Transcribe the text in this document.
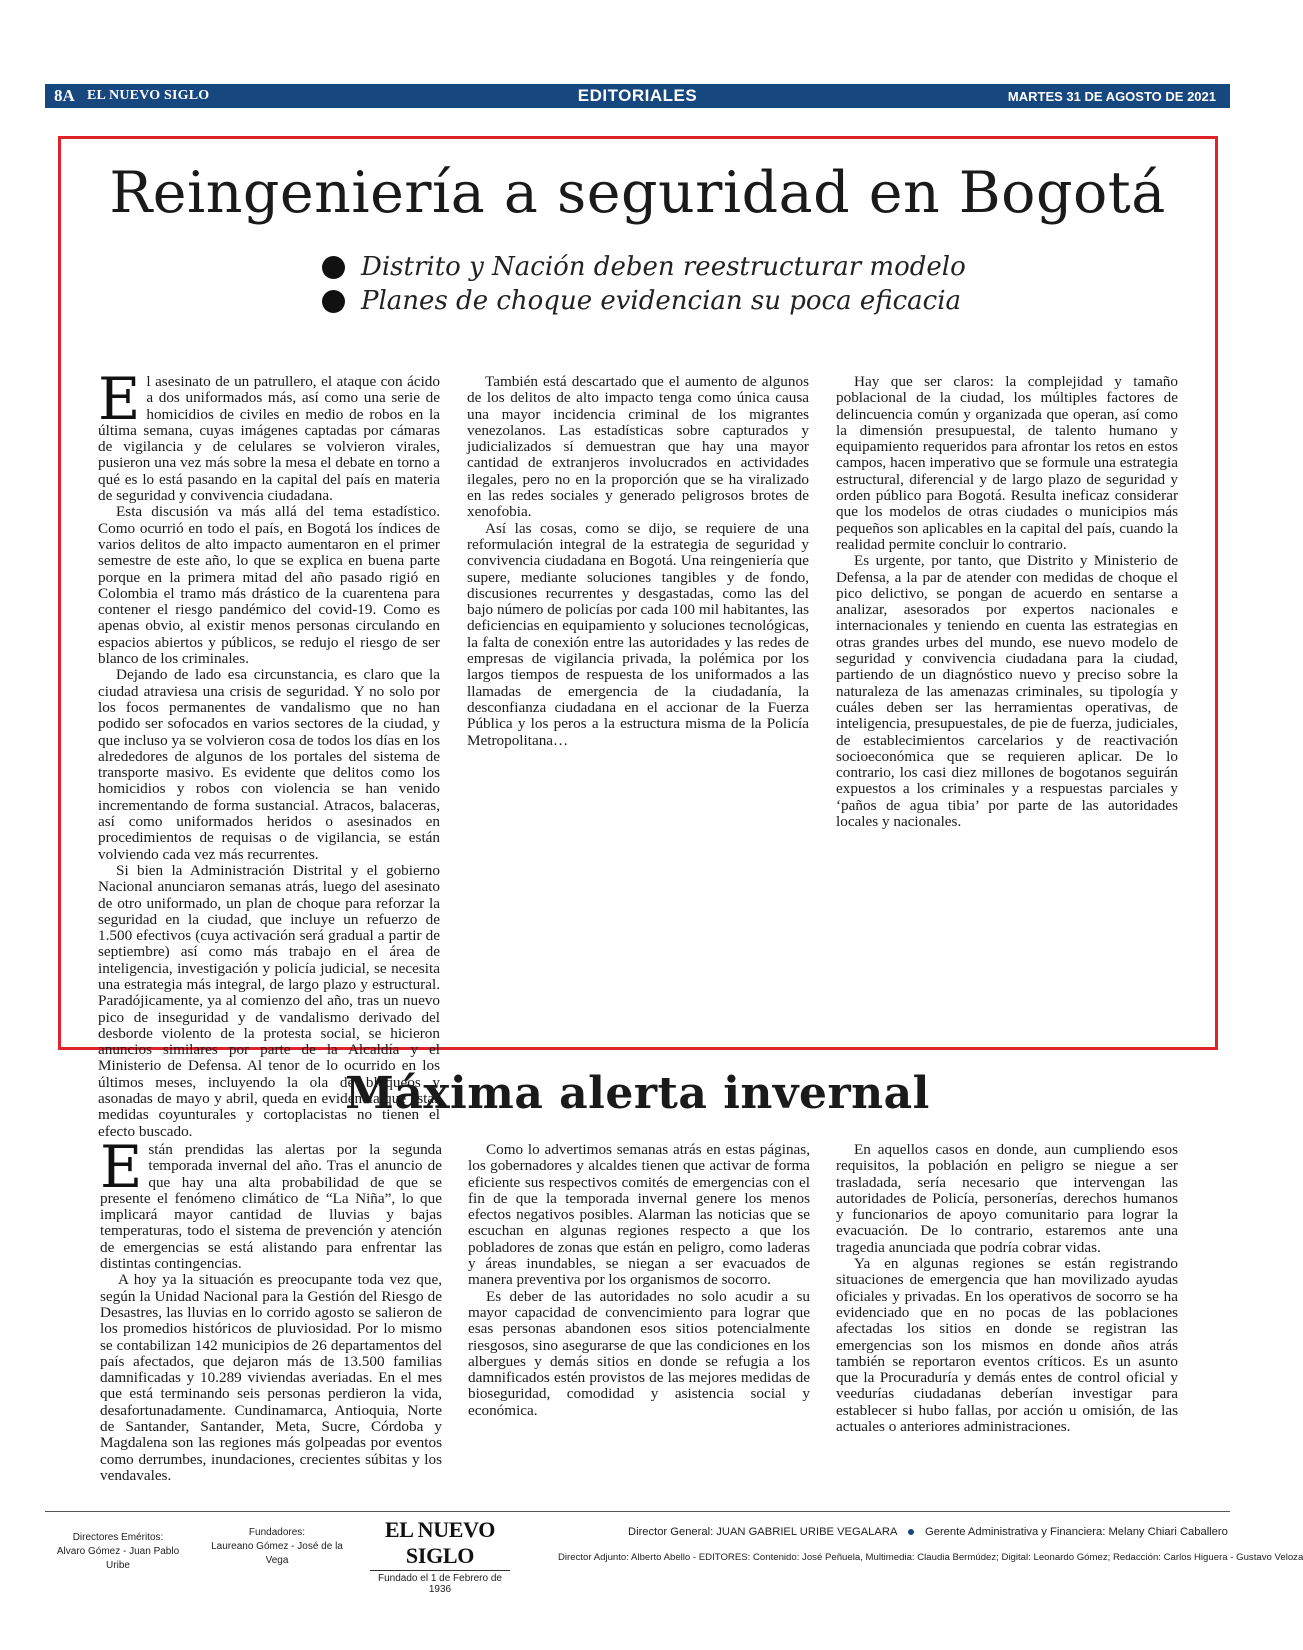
8A EL NUEVO SIGLO	EDITORIALES	MARTES 31 DE AGOSTO DE 2021
Reingeniería a seguridad en Bogotá
Distrito y Nación deben reestructurar modelo
Planes de choque evidencian su poca eficacia

El asesinato de un patrullero, el ataque con ácido a dos uniformados más, así como una serie de homicidios de civiles en medio de robos en la última semana, cuyas imágenes captadas por cámaras de vigilancia y de celulares se volvieron virales, pusieron una vez más sobre la mesa el debate en torno a qué es lo está pasando en la capital del país en materia de seguridad y convivencia ciudadana.

Esta discusión va más allá del tema estadístico. Como ocurrió en todo el país, en Bogotá los índices de varios delitos de alto impacto aumentaron en el primer semestre de este año, lo que se explica en buena parte porque en la primera mitad del año pasado rigió en Colombia el tramo más drástico de la cuarentena para contener el riesgo pandémico del covid-19. Como es apenas obvio, al existir menos personas circulando en espacios abiertos y públicos, se redujo el riesgo de ser blanco de los criminales.

Dejando de lado esa circunstancia, es claro que la ciudad atraviesa una crisis de seguridad. Y no solo por los focos permanentes de vandalismo que no han podido ser sofocados en varios sectores de la ciudad, y que incluso ya se volvieron cosa de todos los días en los alrededores de algunos de los portales del sistema de transporte masivo. Es evidente que delitos como los homicidios y robos con violencia se han venido incrementando de forma sustancial. Atracos, balaceras, así como uniformados heridos o asesinados en procedimientos de requisas o de vigilancia, se están volviendo cada vez más recurrentes.

Si bien la Administración Distrital y el gobierno Nacional anunciaron semanas atrás, luego del asesinato de otro uniformado, un plan de choque para reforzar la seguridad en la ciudad, que incluye un refuerzo de 1.500 efectivos (cuya activación será gradual a partir de septiembre) así como más trabajo en el área de inteligencia, investigación y policía judicial, se necesita una estrategia más integral, de largo plazo y estructural. Paradójicamente, ya al comienzo del año, tras un nuevo pico de inseguridad y de vandalismo derivado del desborde violento de la protesta social, se hicieron anuncios similares por parte de la Alcaldía y el Ministerio de Defensa. Al tenor de lo ocurrido en los últimos meses, incluyendo la ola de bloqueos y asonadas de mayo y abril, queda en evidencia que estas medidas coyunturales y cortoplacistas no tienen el efecto buscado.

También está descartado que el aumento de algunos de los delitos de alto impacto tenga como única causa una mayor incidencia criminal de los migrantes venezolanos. Las estadísticas sobre capturados y judicializados sí demuestran que hay una mayor cantidad de extranjeros involucrados en actividades ilegales, pero no en la proporción que se ha viralizado en las redes sociales y generado peligrosos brotes de xenofobia.

Así las cosas, como se dijo, se requiere de una reformulación integral de la estrategia de seguridad y convivencia ciudadana en Bogotá. Una reingeniería que supere, mediante soluciones tangibles y de fondo, discusiones recurrentes y desgastadas, como las del bajo número de policías por cada 100 mil habitantes, las deficiencias en equipamiento y soluciones tecnológicas, la falta de conexión entre las autoridades y las redes de empresas de vigilancia privada, la polémica por los largos tiempos de respuesta de los uniformados a las llamadas de emergencia de la ciudadanía, la desconfianza ciudadana en el accionar de la Fuerza Pública y los peros a la estructura misma de la Policía Metropolitana…

Hay que ser claros: la complejidad y tamaño poblacional de la ciudad, los múltiples factores de delincuencia común y organizada que operan, así como la dimensión presupuestal, de talento humano y equipamiento requeridos para afrontar los retos en estos campos, hacen imperativo que se formule una estrategia estructural, diferencial y de largo plazo de seguridad y orden público para Bogotá. Resulta ineficaz considerar que los modelos de otras ciudades o municipios más pequeños son aplicables en la capital del país, cuando la realidad permite concluir lo contrario.

Es urgente, por tanto, que Distrito y Ministerio de Defensa, a la par de atender con medidas de choque el pico delictivo, se pongan de acuerdo en sentarse a analizar, asesorados por expertos nacionales e internacionales y teniendo en cuenta las estrategias en otras grandes urbes del mundo, ese nuevo modelo de seguridad y convivencia ciudadana para la ciudad, partiendo de un diagnóstico nuevo y preciso sobre la naturaleza de las amenazas criminales, su tipología y cuáles deben ser las herramientas operativas, de inteligencia, presupuestales, de pie de fuerza, judiciales, de establecimientos carcelarios y de reactivación socioeconómica que se requieren aplicar. De lo contrario, los casi diez millones de bogotanos seguirán expuestos a los criminales y a respuestas parciales y ‘paños de agua tibia’ por parte de las autoridades locales y nacionales.

Máxima alerta invernal

Están prendidas las alertas por la segunda temporada invernal del año. Tras el anuncio de que hay una alta probabilidad de que se presente el fenómeno climático de “La Niña”, lo que implicará mayor cantidad de lluvias y bajas temperaturas, todo el sistema de prevención y atención de emergencias se está alistando para enfrentar las distintas contingencias.

A hoy ya la situación es preocupante toda vez que, según la Unidad Nacional para la Gestión del Riesgo de Desastres, las lluvias en lo corrido agosto se salieron de los promedios históricos de pluviosidad. Por lo mismo se contabilizan 142 municipios de 26 departamentos del país afectados, que dejaron más de 13.500 familias damnificadas y 10.289 viviendas averiadas. En el mes que está terminando seis personas perdieron la vida, desafortunadamente. Cundinamarca, Antioquia, Norte de Santander, Santander, Meta, Sucre, Córdoba y Magdalena son las regiones más golpeadas por eventos como derrumbes, inundaciones, crecientes súbitas y los vendavales.

Como lo advertimos semanas atrás en estas páginas, los gobernadores y alcaldes tienen que activar de forma eficiente sus respectivos comités de emergencias con el fin de que la temporada invernal genere los menos efectos negativos posibles. Alarman las noticias que se escuchan en algunas regiones respecto a que los pobladores de zonas que están en peligro, como laderas y áreas inundables, se niegan a ser evacuados de manera preventiva por los organismos de socorro.

Es deber de las autoridades no solo acudir a su mayor capacidad de convencimiento para lograr que esas personas abandonen esos sitios potencialmente riesgosos, sino asegurarse de que las condiciones en los albergues y demás sitios en donde se refugia a los damnificados estén provistos de las mejores medidas de bioseguridad, comodidad y asistencia social y económica.

En aquellos casos en donde, aun cumpliendo esos requisitos, la población en peligro se niegue a ser trasladada, sería necesario que intervengan las autoridades de Policía, personerías, derechos humanos y funcionarios de apoyo comunitario para lograr la evacuación. De lo contrario, estaremos ante una tragedia anunciada que podría cobrar vidas.

Ya en algunas regiones se están registrando situaciones de emergencia que han movilizado ayudas oficiales y privadas. En los operativos de socorro se ha evidenciado que en no pocas de las poblaciones afectadas los sitios en donde se registran las emergencias son los mismos en donde años atrás también se reportaron eventos críticos. Es un asunto que la Procuraduría y demás entes de control oficial y veedurías ciudadanas deberían investigar para establecer si hubo fallas, por acción u omisión, de las actuales o anteriores administraciones.

Directores Eméritos:
Alvaro Gómez - Juan Pablo Uribe
Fundadores:
Laureano Gómez - José de la Vega
EL NUEVO SIGLO
Fundado el 1 de Febrero de 1936
Director General: JUAN GABRIEL URIBE VEGALARA	Gerente Administrativa y Financiera: Melany Chiari Caballero
Director Adjunto: Alberto Abello - EDITORES: Contenido: José Peñuela, Multimedia: Claudia Bermúdez; Digital: Leonardo Gómez; Redacción: Carlos Higuera - Gustavo Veloza
